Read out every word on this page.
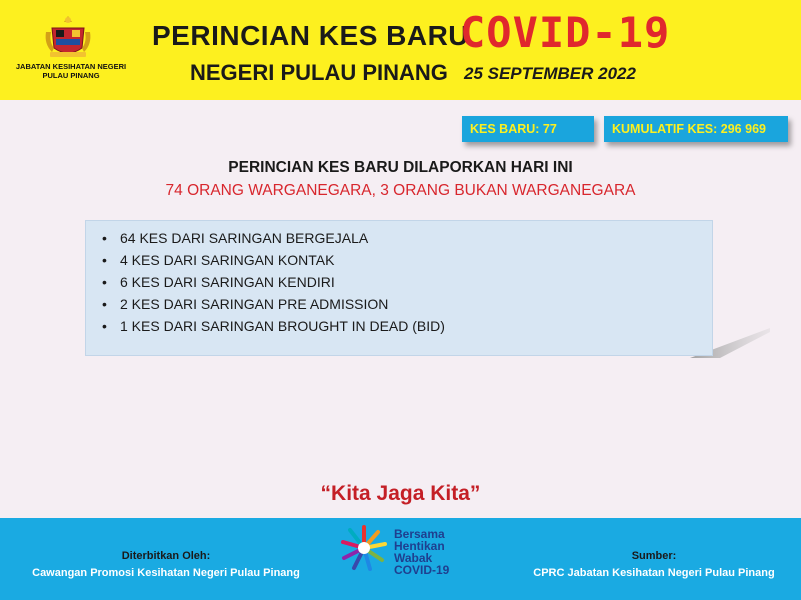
JABATAN KESIHATAN NEGERI PULAU PINANG
PERINCIAN KES BARU
COVID-19
NEGERI PULAU PINANG 25 SEPTEMBER 2022
KES BARU: 77	KUMULATIF KES: 296 969
PERINCIAN KES BARU DILAPORKAN HARI INI
74 ORANG WARGANEGARA, 3 ORANG BUKAN WARGANEGARA
• 64 KES DARI SARINGAN BERGEJALA
• 4 KES DARI SARINGAN KONTAK
• 6 KES DARI SARINGAN KENDIRI
• 2 KES DARI SARINGAN PRE ADMISSION
• 1 KES DARI SARINGAN BROUGHT IN DEAD (BID)
“Kita Jaga Kita”
Diterbitkan Oleh:
Cawangan Promosi Kesihatan Negeri Pulau Pinang
Sumber:
CPRC Jabatan Kesihatan Negeri Pulau Pinang
Bersama
Hentikan
Wabak
COVID-19
